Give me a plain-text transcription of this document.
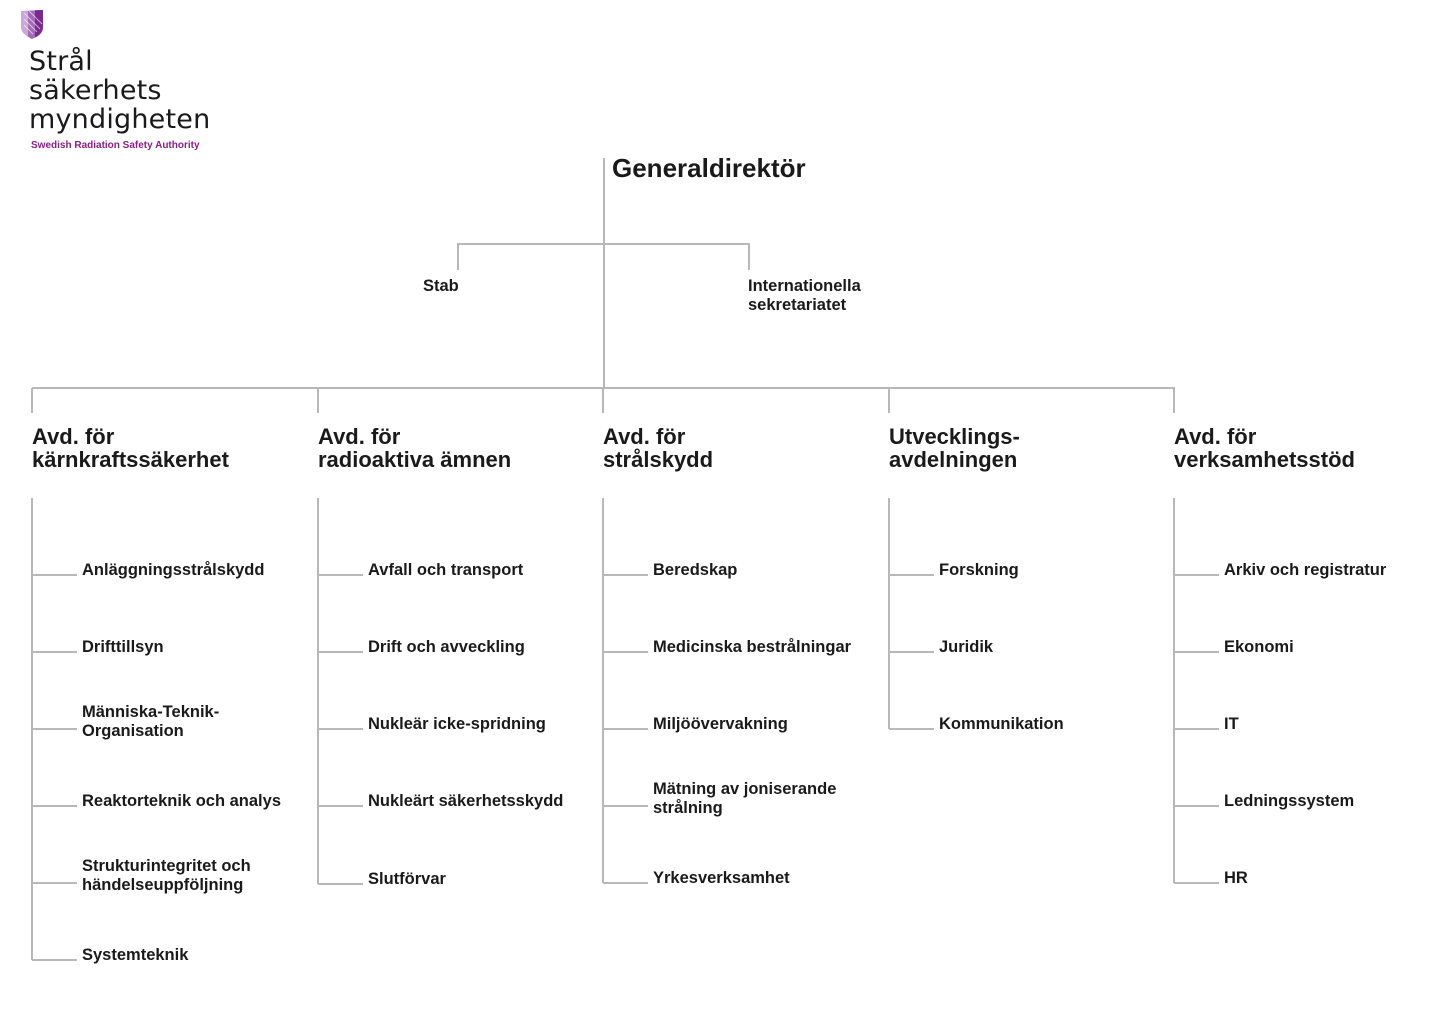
Strål
säkerhets
myndigheten
Swedish Radiation Safety Authority
Generaldirektör
Stab	Internationella
sekretariatet
Avd. för
kärnkraftssäkerhet
Anläggningsstrålskydd
Drifttillsyn
Människa-Teknik-
Organisation
Reaktorteknik och analys
Strukturintegritet och
händelseuppföljning
Systemteknik
Avd. för
radioaktiva ämnen
Avfall och transport
Drift och avveckling
Nukleär icke-spridning
Nukleärt säkerhetsskydd
Slutförvar
Avd. för
strålskydd
Beredskap
Medicinska bestrålningar
Miljöövervakning
Mätning av joniserande
strålning
Yrkesverksamhet
Utvecklings-
avdelningen
Forskning
Juridik
Kommunikation
Avd. för
verksamhetsstöd
Arkiv och registratur
Ekonomi
IT
Ledningssystem
HR
